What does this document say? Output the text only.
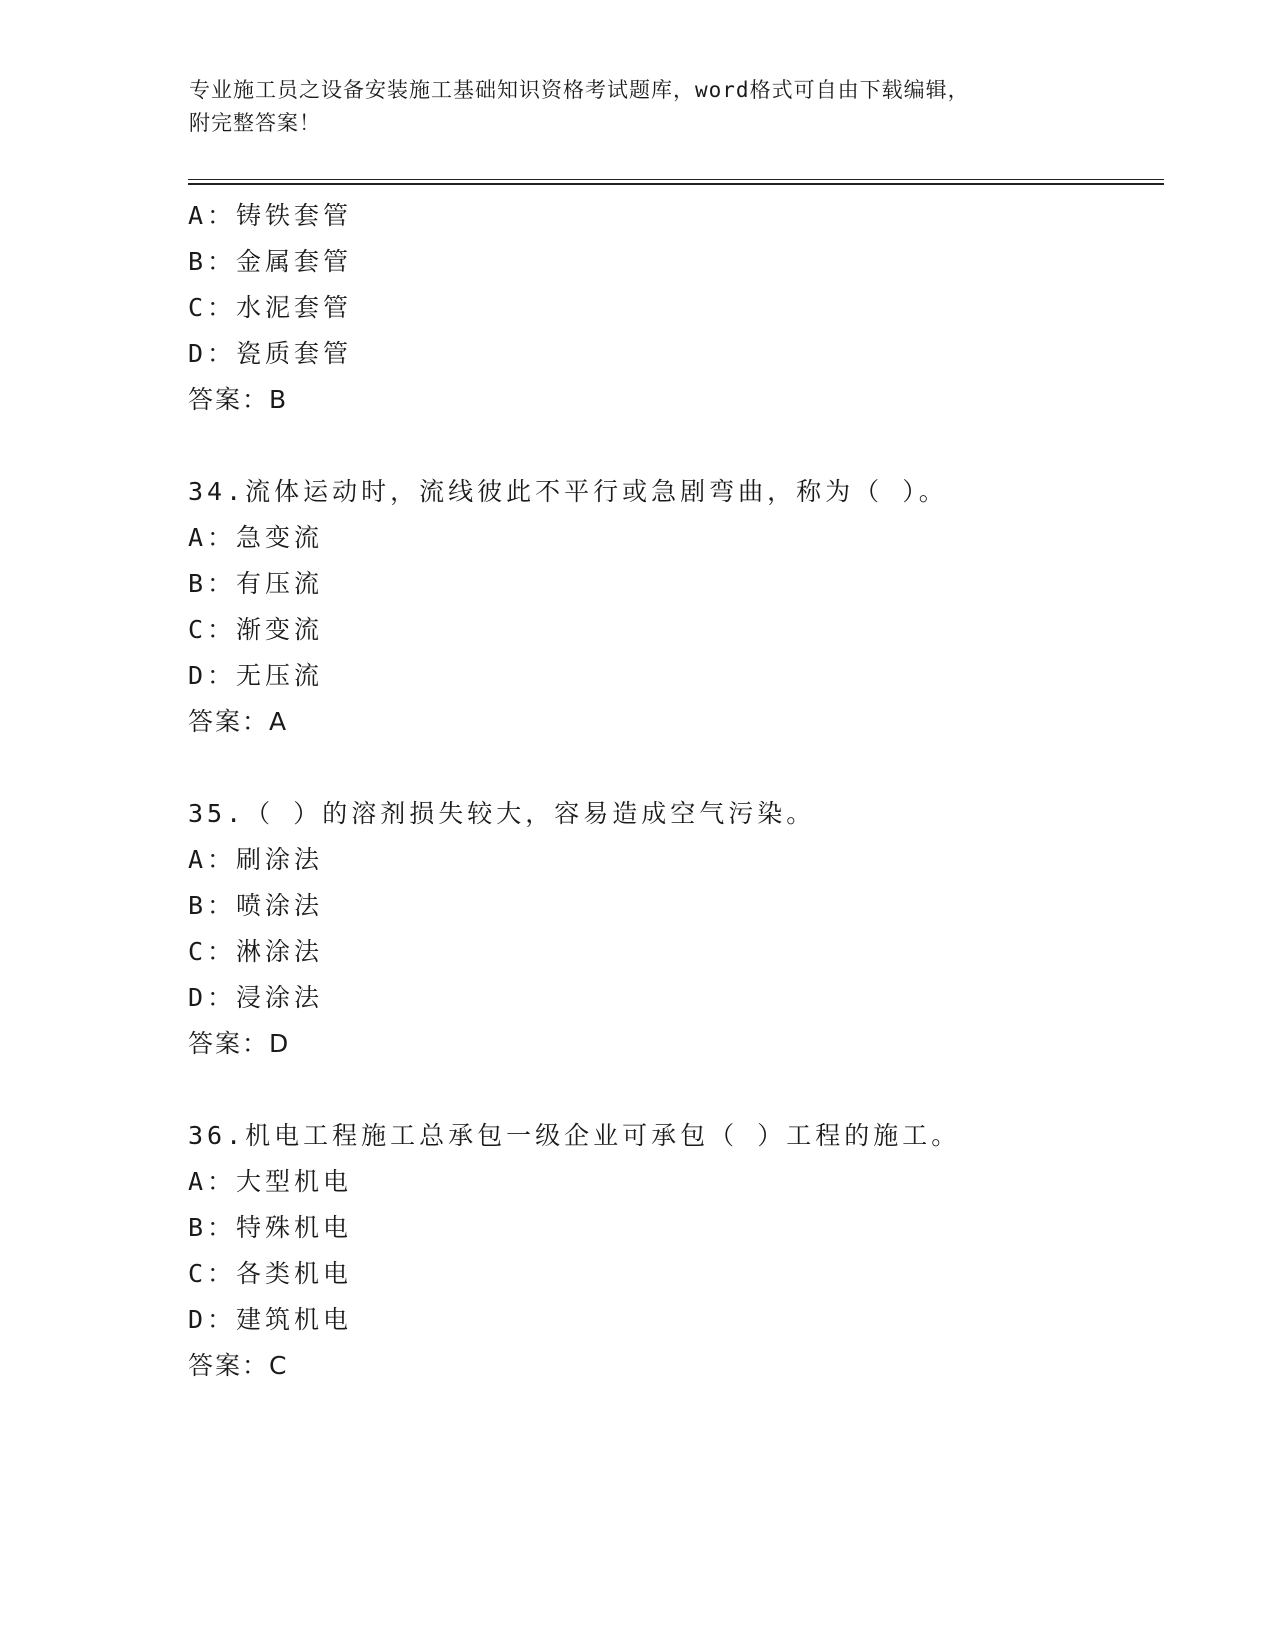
专业施工员之设备安装施工基础知识资格考试题库，word格式可自由下载编辑，
附完整答案！
A：铸铁套管
B：金属套管
C：水泥套管
D：瓷质套管
答案：B
34.流体运动时，流线彼此不平行或急剧弯曲，称为（ ）。
A：急变流
B：有压流
C：渐变流
D：无压流
答案：A
35.（ ）的溶剂损失较大，容易造成空气污染。
A：刷涂法
B：喷涂法
C：淋涂法
D：浸涂法
答案：D
36.机电工程施工总承包一级企业可承包（ ）工程的施工。
A：大型机电
B：特殊机电
C：各类机电
D：建筑机电
答案：C
